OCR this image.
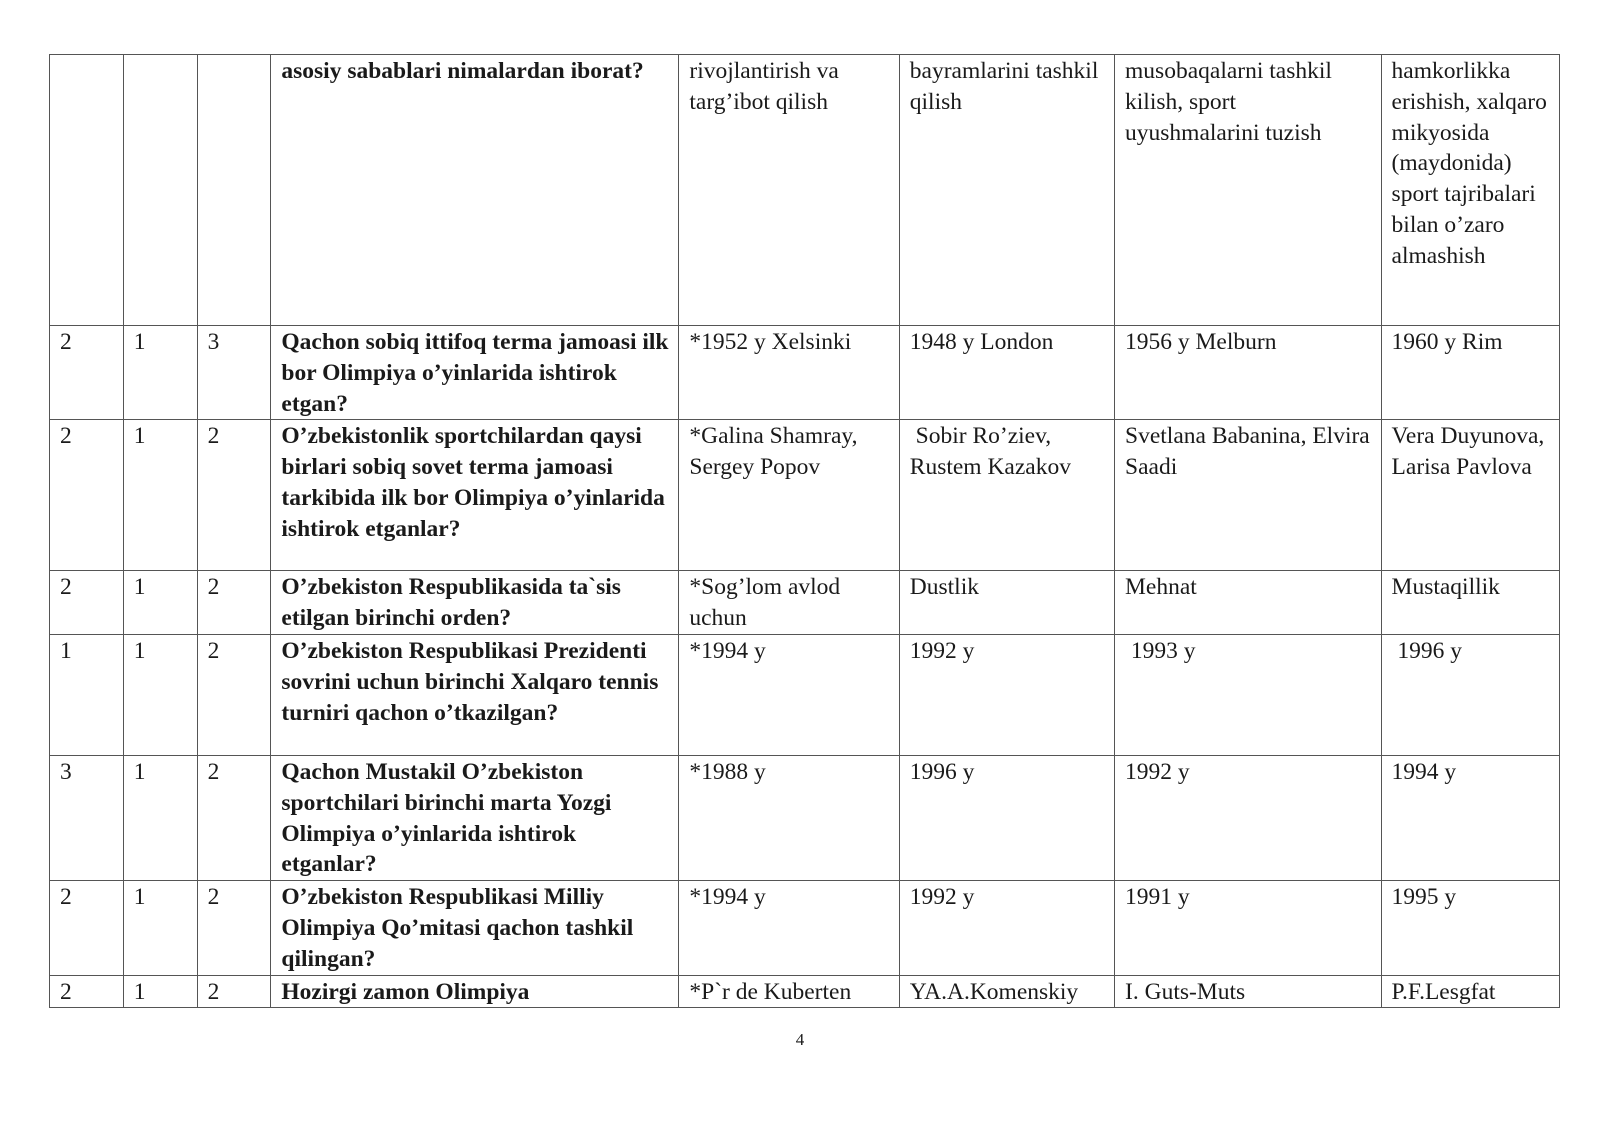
			asosiy sabablari nimalardan iborat?	rivojlantirish va targ’ibot qilish	bayramlarini tashkil qilish	musobaqalarni tashkil kilish, sport uyushmalarini tuzish	hamkorlikka erishish, xalqaro mikyosida (maydonida) sport tajribalari bilan o’zaro almashish
2	1	3	Qachon sobiq ittifoq terma jamoasi ilk bor Olimpiya o’yinlarida ishtirok etgan?	*1952 y Xelsinki	1948 y London	1956 y Melburn	1960 y Rim
2	1	2	O’zbekistonlik sportchilardan qaysi birlari sobiq sovet terma jamoasi tarkibida ilk bor Olimpiya o’yinlarida ishtirok etganlar?	*Galina Shamray, Sergey Popov	Sobir Ro’ziev, Rustem Kazakov	Svetlana Babanina, Elvira Saadi	Vera Duyunova, Larisa Pavlova
2	1	2	O’zbekiston Respublikasida ta`sis etilgan birinchi orden?	*Sog’lom avlod uchun	Dustlik	Mehnat	Mustaqillik
1	1	2	O’zbekiston Respublikasi Prezidenti sovrini uchun birinchi Xalqaro tennis turniri qachon o’tkazilgan?	*1994 y	1992 y	1993 y	1996 y
3	1	2	Qachon Mustakil O’zbekiston sportchilari birinchi marta Yozgi Olimpiya o’yinlarida ishtirok etganlar?	*1988 y	1996 y	1992 y	1994 y
2	1	2	O’zbekiston Respublikasi Milliy Olimpiya Qo’mitasi qachon tashkil qilingan?	*1994 y	1992 y	1991 y	1995 y
2	1	2	Hozirgi zamon Olimpiya	*P`r de Kuberten	YA.A.Komenskiy	I. Guts-Muts	P.F.Lesgfat
4
